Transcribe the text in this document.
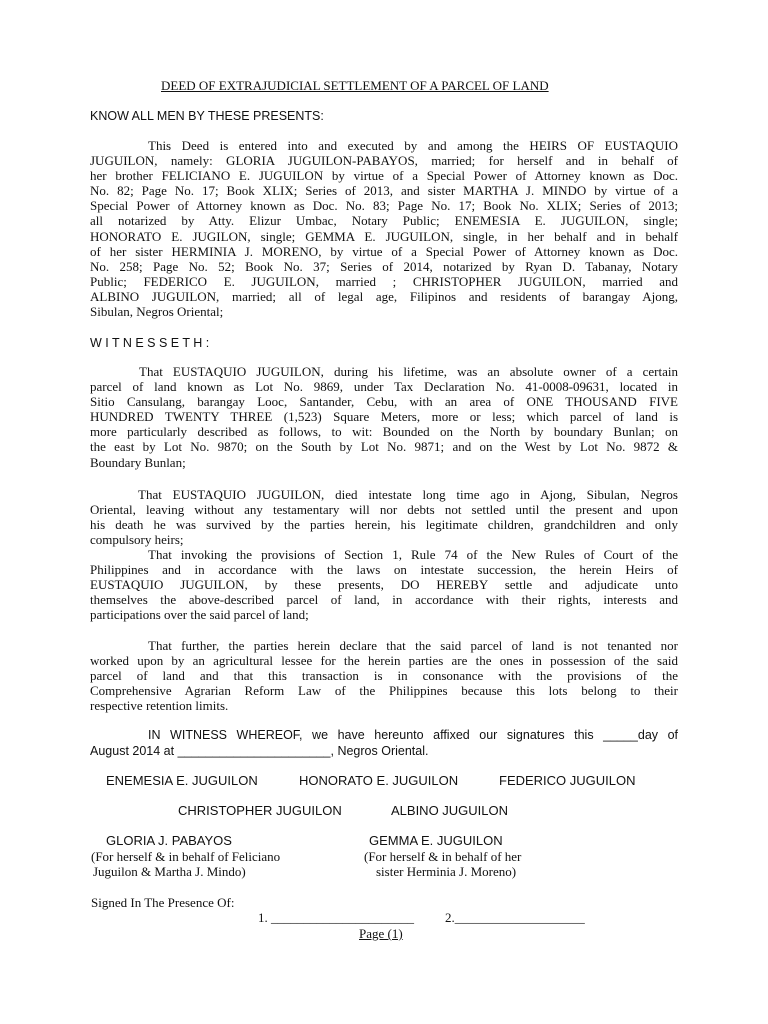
DEED OF EXTRAJUDICIAL SETTLEMENT OF A PARCEL OF LAND
KNOW ALL MEN BY THESE PRESENTS:
This Deed is entered into and executed by and among the HEIRS OF EUSTAQUIO
JUGUILON, namely: GLORIA JUGUILON-PABAYOS, married; for herself and in behalf of
her brother FELICIANO E. JUGUILON by virtue of a Special Power of Attorney known as Doc.
No. 82; Page No. 17; Book XLIX; Series of 2013, and sister MARTHA J. MINDO by virtue of a
Special Power of Attorney known as Doc. No. 83; Page No. 17; Book No. XLIX; Series of 2013;
all notarized by Atty. Elizur Umbac, Notary Public; ENEMESIA E. JUGUILON, single;
HONORATO E. JUGILON, single; GEMMA E. JUGUILON, single, in her behalf and in behalf
of her sister HERMINIA J. MORENO, by virtue of a Special Power of Attorney known as Doc.
No. 258; Page No. 52; Book No. 37; Series of 2014, notarized by Ryan D. Tabanay, Notary
Public; FEDERICO E. JUGUILON, married ; CHRISTOPHER JUGUILON, married and
ALBINO JUGUILON, married; all of legal age, Filipinos and residents of barangay Ajong,
Sibulan, Negros Oriental;
W I T N E S S E T H :
That EUSTAQUIO JUGUILON, during his lifetime, was an absolute owner of a certain
parcel of land known as Lot No. 9869, under Tax Declaration No. 41-0008-09631, located in
Sitio Cansulang, barangay Looc, Santander, Cebu, with an area of ONE THOUSAND FIVE
HUNDRED TWENTY THREE (1,523) Square Meters, more or less; which parcel of land is
more particularly described as follows, to wit: Bounded on the North by boundary Bunlan; on
the east by Lot No. 9870; on the South by Lot No. 9871; and on the West by Lot No. 9872 &
Boundary Bunlan;
That EUSTAQUIO JUGUILON, died intestate long time ago in Ajong, Sibulan, Negros
Oriental, leaving without any testamentary will nor debts not settled until the present and upon
his death he was survived by the parties herein, his legitimate children, grandchildren and only
compulsory heirs;
That invoking the provisions of Section 1, Rule 74 of the New Rules of Court of the
Philippines and in accordance with the laws on intestate succession, the herein Heirs of
EUSTAQUIO JUGUILON, by these presents, DO HEREBY settle and adjudicate unto
themselves the above-described parcel of land, in accordance with their rights, interests and
participations over the said parcel of land;
That further, the parties herein declare that the said parcel of land is not tenanted nor
worked upon by an agricultural lessee for the herein parties are the ones in possession of the said
parcel of land and that this transaction is in consonance with the provisions of the
Comprehensive Agrarian Reform Law of the Philippines because this lots belong to their
respective retention limits.
IN WITNESS WHEREOF, we have hereunto affixed our signatures this _____day of
August 2014 at ______________________, Negros Oriental.
ENEMESIA E. JUGUILON	HONORATO E. JUGUILON	FEDERICO JUGUILON
CHRISTOPHER JUGUILON	ALBINO JUGUILON
GLORIA J. PABAYOS
(For herself & in behalf of Feliciano
Juguilon & Martha J. Mindo)
GEMMA E. JUGUILON
(For herself & in behalf of her
sister Herminia J. Moreno)
Signed In The Presence Of:
1. ______________________ 2.____________________
Page (1)
